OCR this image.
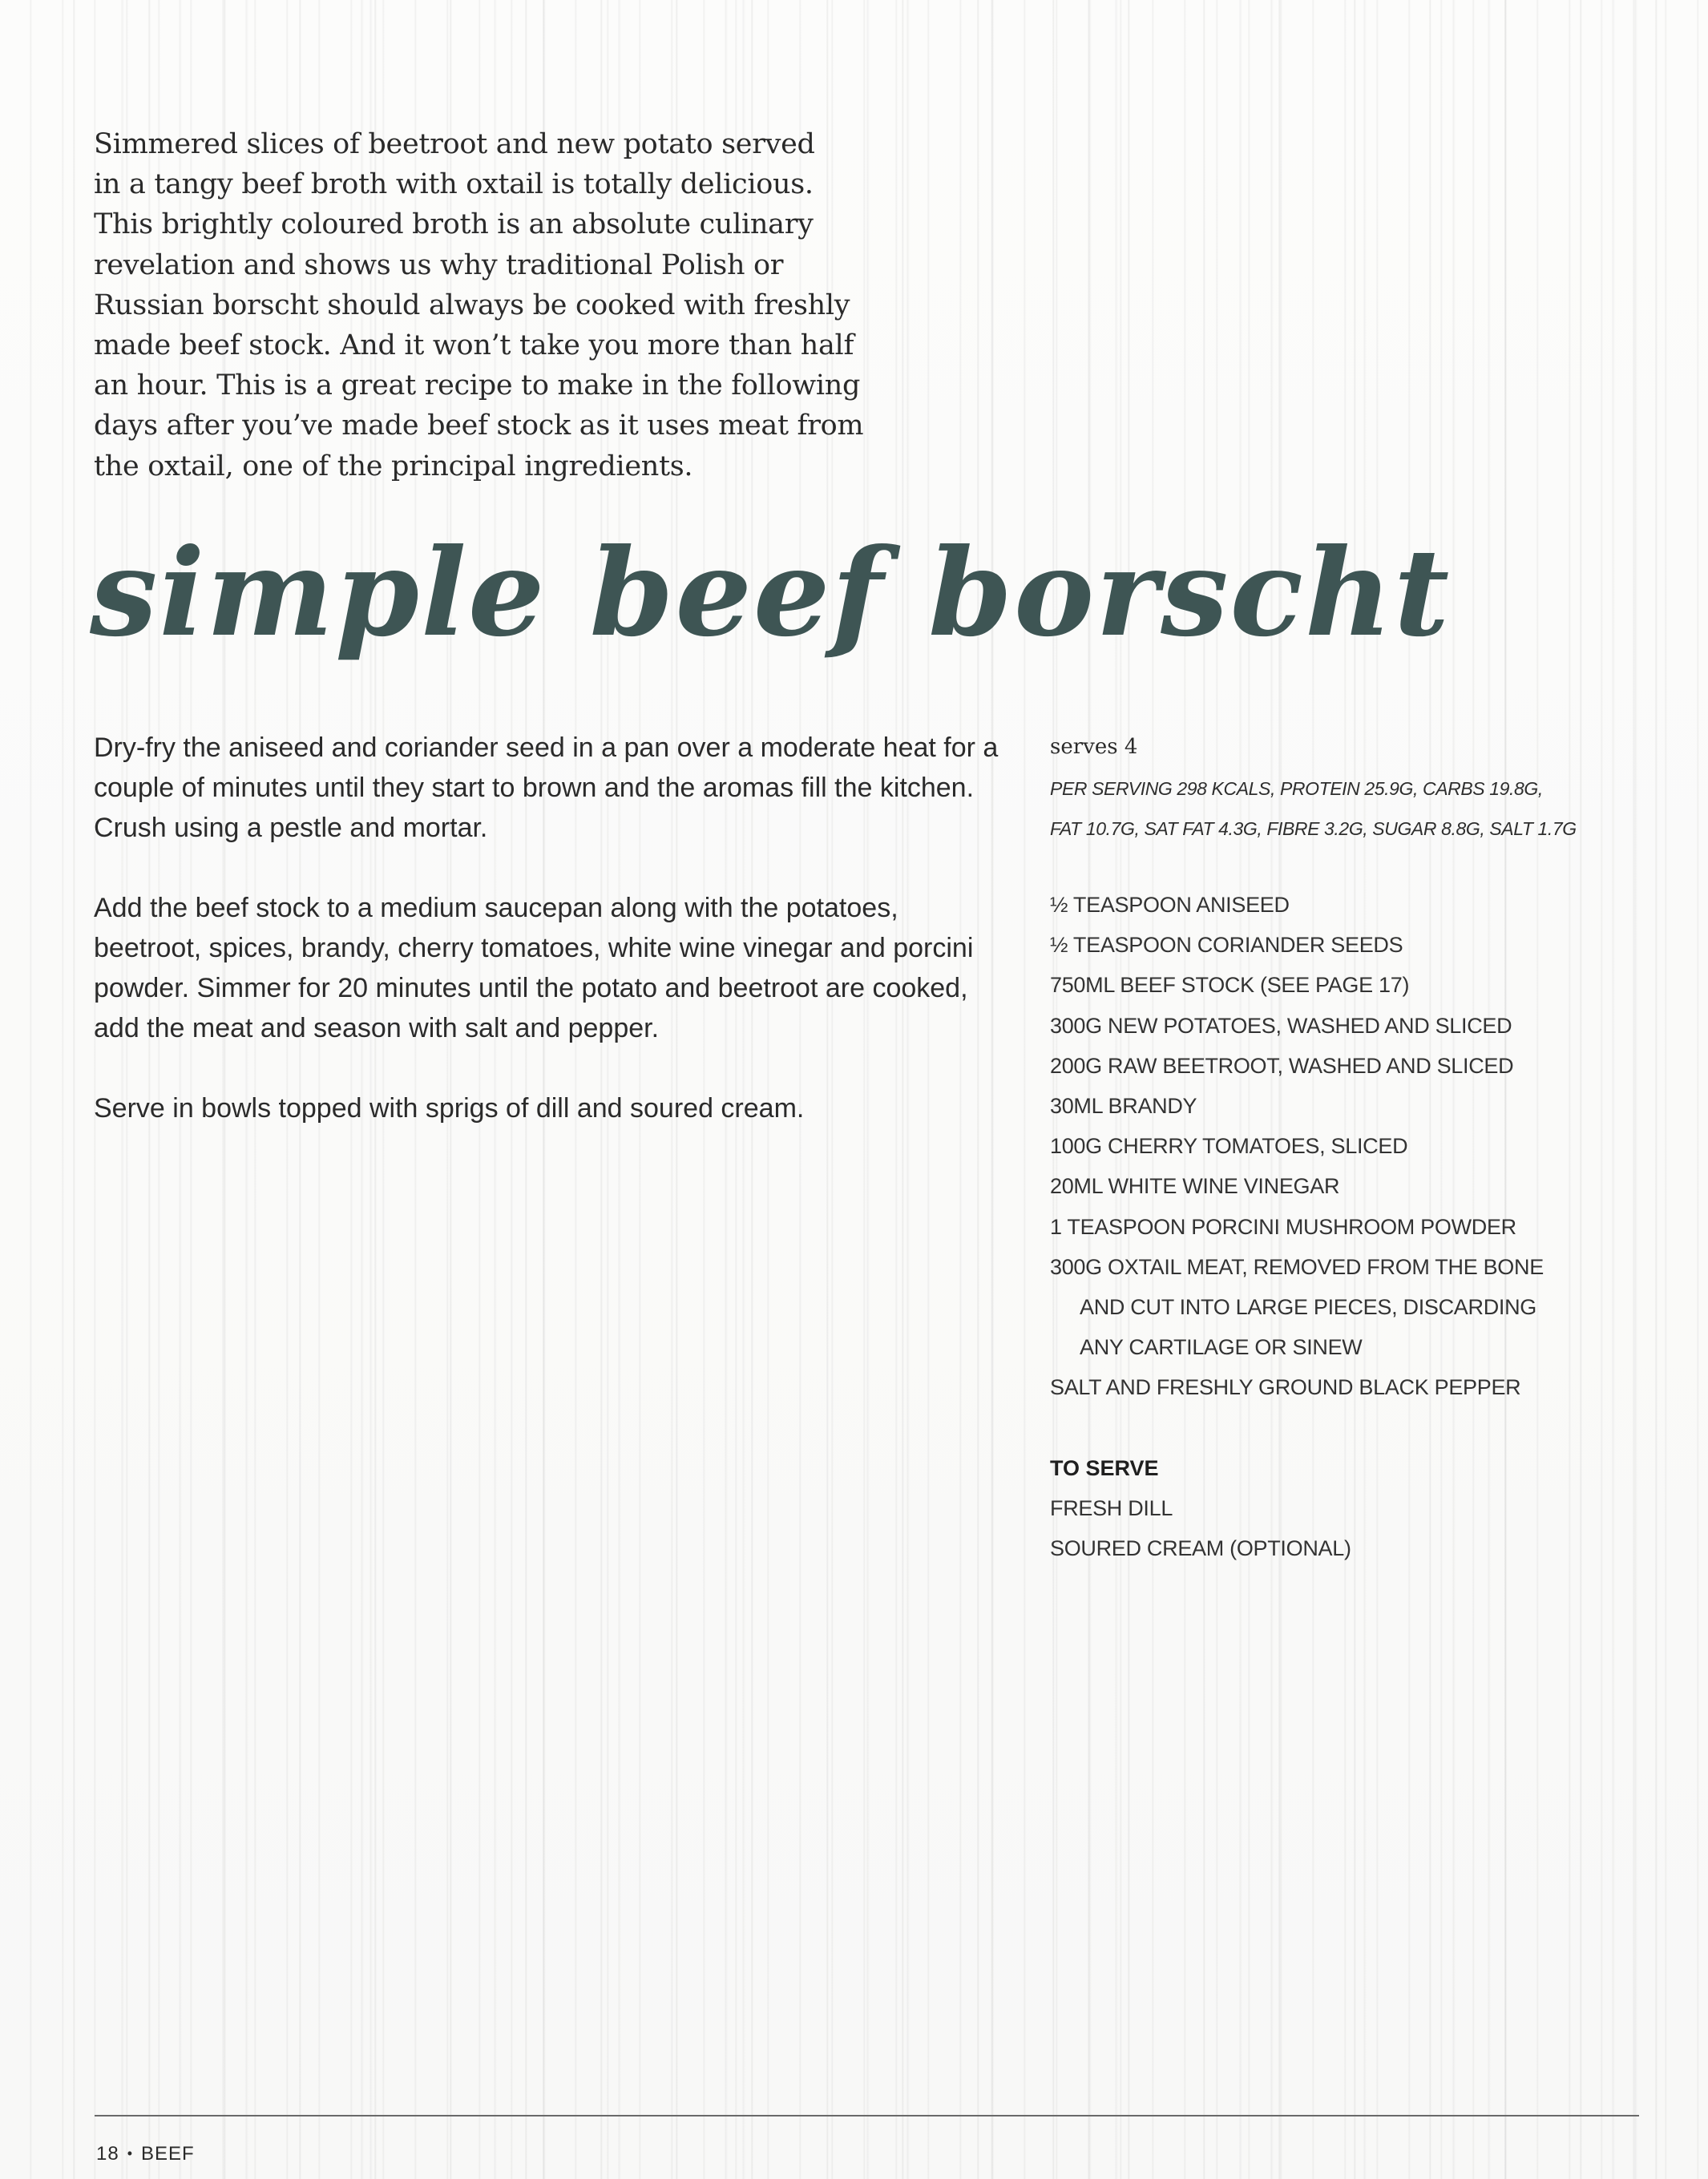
Simmered slices of beetroot and new potato served

in a tangy beef broth with oxtail is totally delicious.

This brightly coloured broth is an absolute culinary

revelation and shows us why traditional Polish or

Russian borscht should always be cooked with freshly

made beef stock. And it won’t take you more than half

an hour. This is a great recipe to make in the following

days after you’ve made beef stock as it uses meat from

the oxtail, one of the principal ingredients.

simple beef borscht

Dry-fry the aniseed and coriander seed in a pan over a moderate heat for a couple of minutes until they start to brown and the aromas fill the kitchen. Crush using a pestle and mortar.

Add the beef stock to a medium saucepan along with the potatoes, beetroot, spices, brandy, cherry tomatoes, white wine vinegar and porcini powder. Simmer for 20 minutes until the potato and beetroot are cooked, add the meat and season with salt and pepper.

Serve in bowls topped with sprigs of dill and soured cream.

serves 4
PER SERVING 298 KCALS, PROTEIN 25.9G, CARBS 19.8G,
FAT 10.7G, SAT FAT 4.3G, FIBRE 3.2G, SUGAR 8.8G, SALT 1.7G
½ TEASPOON ANISEED
½ TEASPOON CORIANDER SEEDS
750ML BEEF STOCK (SEE PAGE 17)
300G NEW POTATOES, WASHED AND SLICED
200G RAW BEETROOT, WASHED AND SLICED
30ML BRANDY
100G CHERRY TOMATOES, SLICED
20ML WHITE WINE VINEGAR
1 TEASPOON PORCINI MUSHROOM POWDER
300G OXTAIL MEAT, REMOVED FROM THE BONE
AND CUT INTO LARGE PIECES, DISCARDING
ANY CARTILAGE OR SINEW
SALT AND FRESHLY GROUND BLACK PEPPER
TO SERVE
FRESH DILL
SOURED CREAM (OPTIONAL)
18 • BEEF
